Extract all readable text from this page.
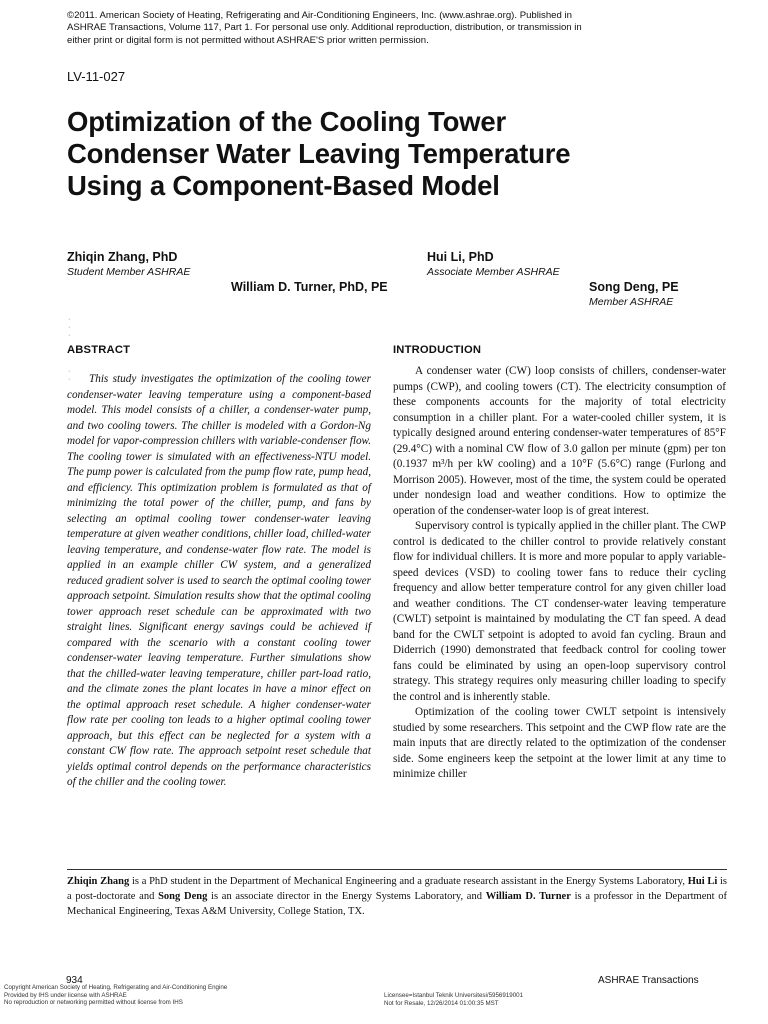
©2011. American Society of Heating, Refrigerating and Air-Conditioning Engineers, Inc. (www.ashrae.org). Published in
ASHRAE Transactions, Volume 117, Part 1. For personal use only. Additional reproduction, distribution, or transmission in
either print or digital form is not permitted without ASHRAE'S prior written permission.
LV-11-027
Optimization of the Cooling Tower
Condenser Water Leaving Temperature
Using a Component-Based Model
Zhiqin Zhang, PhD
Student Member ASHRAE
Hui Li, PhD
Associate Member ASHRAE
William D. Turner, PhD, PE	Song Deng, PE
Member ASHRAE
·
·
·
·
·
ABSTRACT	INTRODUCTION

This study investigates the optimization of the cooling tower condenser-water leaving temperature using a component-based model. This model consists of a chiller, a condenser-water pump, and two cooling towers. The chiller is modeled with a Gordon-Ng model for vapor-compression chillers with variable-condenser flow. The cooling tower is simulated with an effectiveness-NTU model. The pump power is calculated from the pump flow rate, pump head, and efficiency. This optimization problem is formulated as that of minimizing the total power of the chiller, pump, and fans by selecting an optimal cooling tower condenser-water leaving temperature at given weather conditions, chiller load, chilled-water leaving temperature, and condense-water flow rate. The model is applied in an example chiller CW system, and a generalized reduced gradient solver is used to search the optimal cooling tower approach setpoint. Simulation results show that the optimal cooling tower approach reset schedule can be approximated with two straight lines. Significant energy savings could be achieved if compared with the scenario with a constant cooling tower condenser-water leaving temperature. Further simulations show that the chilled-water leaving temperature, chiller part-load ratio, and the climate zones the plant locates in have a minor effect on the optimal approach reset schedule. A higher condenser-water flow rate per cooling ton leads to a higher optimal cooling tower approach, but this effect can be neglected for a system with a constant CW flow rate. The approach setpoint reset schedule that yields optimal control depends on the performance characteristics of the chiller and the cooling tower.

A condenser water (CW) loop consists of chillers, condenser-water pumps (CWP), and cooling towers (CT). The electricity consumption of these components accounts for the majority of total electricity consumption in a chiller plant. For a water-cooled chiller system, it is typically designed around entering condenser-water temperatures of 85°F (29.4°C) with a nominal CW flow of 3.0 gallon per minute (gpm) per ton (0.1937 m³/h per kW cooling) and a 10°F (5.6°C) range (Furlong and Morrison 2005). However, most of the time, the system could be operated under nondesign load and weather conditions. How to optimize the operation of the condenser-water loop is of great interest.

Supervisory control is typically applied in the chiller plant. The CWP control is dedicated to the chiller control to provide relatively constant flow for individual chillers. It is more and more popular to apply variable-speed devices (VSD) to cooling tower fans to reduce their cycling frequency and allow better temperature control for any given chiller load and weather conditions. The CT condenser-water leaving temperature (CWLT) setpoint is maintained by modulating the CT fan speed. A dead band for the CWLT setpoint is adopted to avoid fan cycling. Braun and Diderrich (1990) demonstrated that feedback control for cooling tower fans could be eliminated by using an open-loop supervisory control strategy. This strategy requires only measuring chiller loading to specify the control and is inherently stable.

Optimization of the cooling tower CWLT setpoint is intensively studied by some researchers. This setpoint and the CWP flow rate are the main inputs that are directly related to the optimization of the condenser side. Some engineers keep the setpoint at the lower limit at any time to minimize chiller

Zhiqin Zhang is a PhD student in the Department of Mechanical Engineering and a graduate research assistant in the Energy Systems Laboratory, Hui Li is a post-doctorate and Song Deng is an associate director in the Energy Systems Laboratory, and William D. Turner is a professor in the Department of Mechanical Engineering, Texas A&M University, College Station, TX.
934	ASHRAE Transactions
Copyright American Society of Heating, Refrigerating and Air-Conditioning Engine
Provided by IHS under license with ASHRAE
No reproduction or networking permitted without license from IHS
Licensee=Istanbul Teknik Universitesi/5956919001
Not for Resale, 12/26/2014 01:00:35 MST
